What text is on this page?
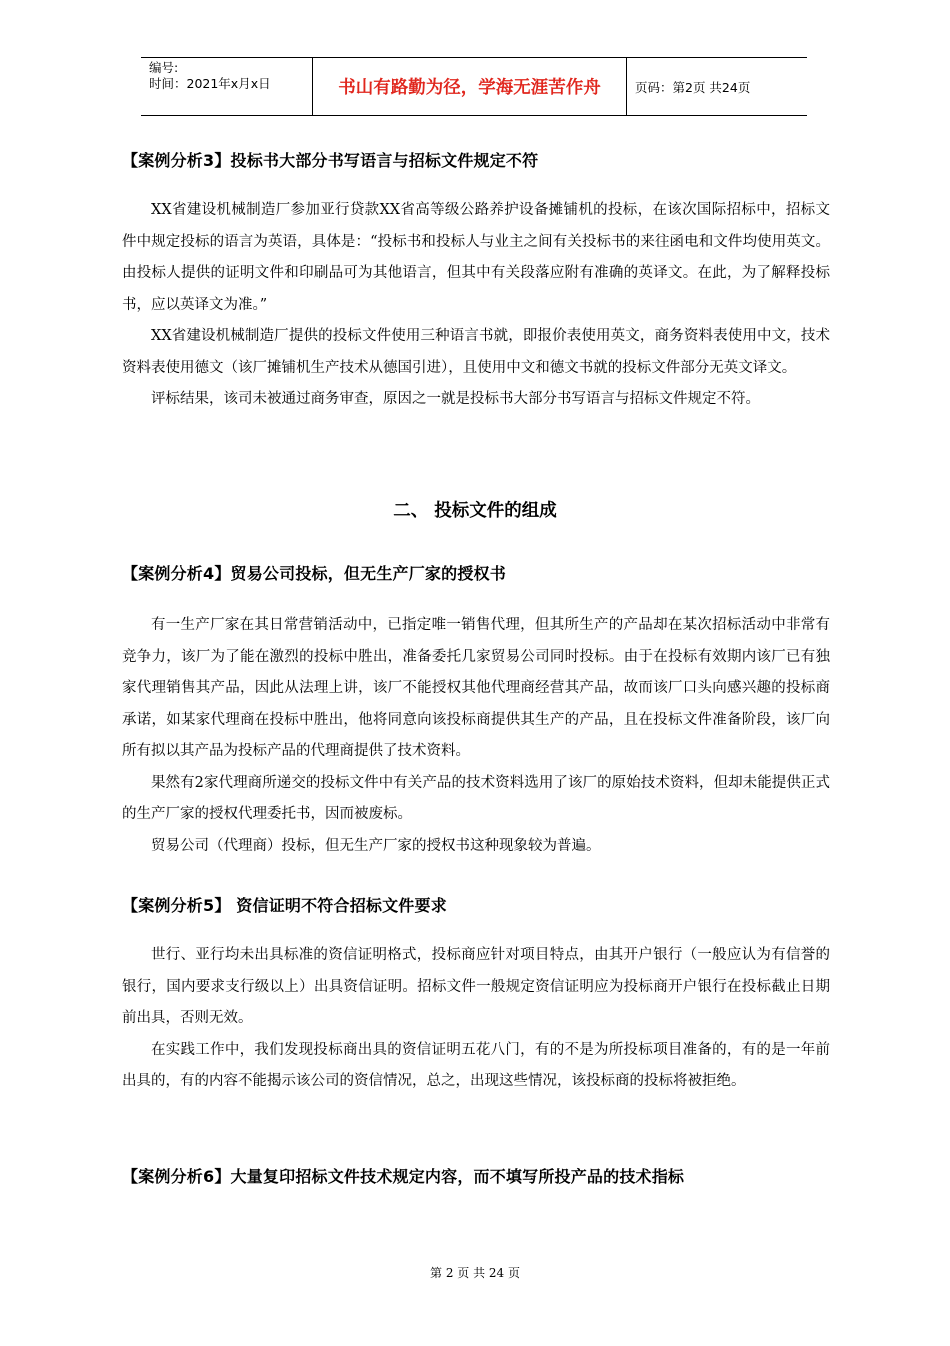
编号:
时间：2021年x月x日	书山有路勤为径，学海无涯苦作舟	页码：第2页 共24页
【案例分析3】投标书大部分书写语言与招标文件规定不符

XX省建设机械制造厂参加亚行贷款XX省高等级公路养护设备摊铺机的投标，在该次国际招标中，招标文件中规定投标的语言为英语，具体是：“投标书和投标人与业主之间有关投标书的来往函电和文件均使用英文。由投标人提供的证明文件和印刷品可为其他语言，但其中有关段落应附有准确的英译文。在此，为了解释投标书，应以英译文为准。”

XX省建设机械制造厂提供的投标文件使用三种语言书就，即报价表使用英文，商务资料表使用中文，技术资料表使用德文（该厂摊铺机生产技术从德国引进），且使用中文和德文书就的投标文件部分无英文译文。

评标结果，该司未被通过商务审查，原因之一就是投标书大部分书写语言与招标文件规定不符。

二、 投标文件的组成
【案例分析4】贸易公司投标，但无生产厂家的授权书

有一生产厂家在其日常营销活动中，已指定唯一销售代理，但其所生产的产品却在某次招标活动中非常有竞争力，该厂为了能在激烈的投标中胜出，准备委托几家贸易公司同时投标。由于在投标有效期内该厂已有独家代理销售其产品，因此从法理上讲，该厂不能授权其他代理商经营其产品，故而该厂口头向感兴趣的投标商承诺，如某家代理商在投标中胜出，他将同意向该投标商提供其生产的产品，且在投标文件准备阶段，该厂向所有拟以其产品为投标产品的代理商提供了技术资料。

果然有2家代理商所递交的投标文件中有关产品的技术资料选用了该厂的原始技术资料，但却未能提供正式的生产厂家的授权代理委托书，因而被废标。

贸易公司（代理商）投标，但无生产厂家的授权书这种现象较为普遍。

【案例分析5】 资信证明不符合招标文件要求

世行、亚行均未出具标准的资信证明格式，投标商应针对项目特点，由其开户银行（一般应认为有信誉的银行，国内要求支行级以上）出具资信证明。招标文件一般规定资信证明应为投标商开户银行在投标截止日期前出具，否则无效。

在实践工作中，我们发现投标商出具的资信证明五花八门，有的不是为所投标项目准备的，有的是一年前出具的，有的内容不能揭示该公司的资信情况，总之，出现这些情况，该投标商的投标将被拒绝。

【案例分析6】大量复印招标文件技术规定内容，而不填写所投产品的技术指标
第 2 页 共 24 页
